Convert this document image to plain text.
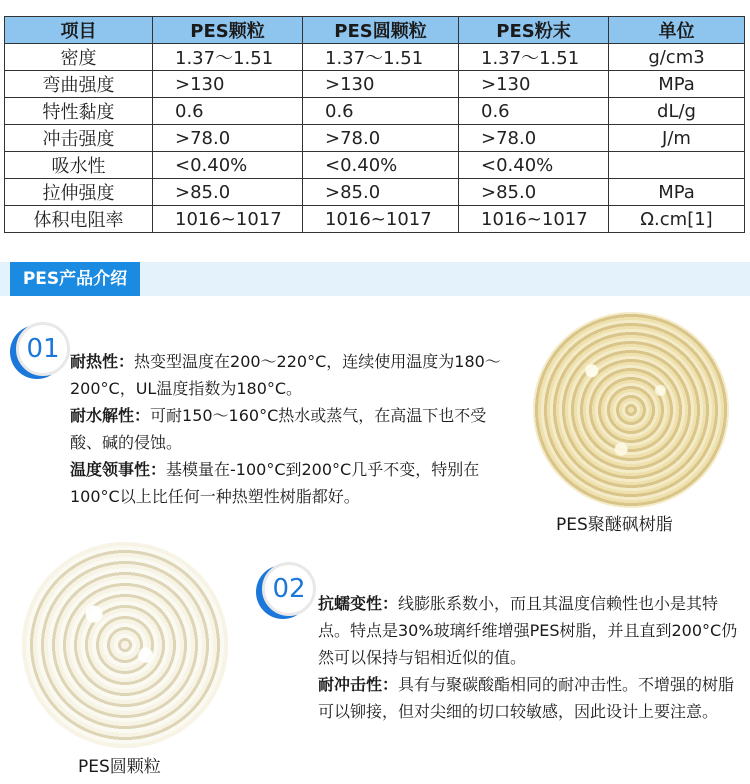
项目	PES颗粒	PES圆颗粒	PES粉末	单位
密度	1.37～1.51	1.37～1.51	1.37～1.51	g/cm3
弯曲强度	>130	>130	>130	MPa
特性黏度	0.6	0.6	0.6	dL/g
冲击强度	>78.0	>78.0	>78.0	J/m
吸水性	<0.40%	<0.40%	<0.40%	
拉伸强度	>85.0	>85.0	>85.0	MPa
体积电阻率	1016~1017	1016~1017	1016~1017	Ω.cm[1]
PES产品介绍
01 耐热性：热变型温度在200～220°C，连续使用温度为180～200°C，UL温度指数为180°C。
耐水解性：可耐150～160°C热水或蒸气，在高温下也不受酸、碱的侵蚀。
温度领事性：基模量在-100°C到200°C几乎不变，特别在100°C以上比任何一种热塑性树脂都好。
PES聚醚砜树脂
PES圆颗粒
02 抗蠕变性：线膨胀系数小，而且其温度信赖性也小是其特点。特点是30%玻璃纤维增强PES树脂，并且直到200°C仍然可以保持与铝相近似的值。
耐冲击性：具有与聚碳酸酯相同的耐冲击性。不增强的树脂可以铆接，但对尖细的切口较敏感，因此设计上要注意。
